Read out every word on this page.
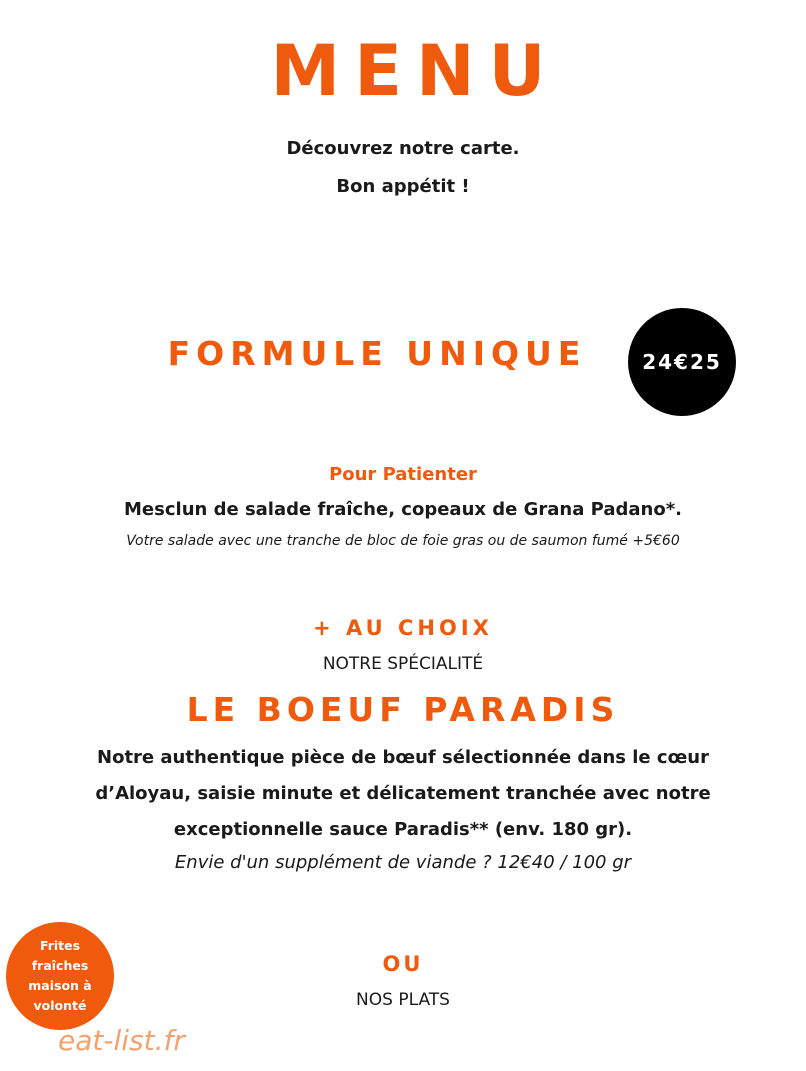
MENU
Découvrez notre carte.
Bon appétit !
FORMULE UNIQUE	24€25
Pour Patienter
Mesclun de salade fraîche, copeaux de Grana Padano*.
Votre salade avec une tranche de bloc de foie gras ou de saumon fumé +5€60
+ AU CHOIX
NOTRE SPÉCIALITÉ
LE BOEUF PARADIS
Notre authentique pièce de bœuf sélectionnée dans le cœur d’Aloyau, saisie minute et délicatement tranchée avec notre exceptionnelle sauce Paradis** (env. 180 gr).
Envie d'un supplément de viande ? 12€40 / 100 gr
Frites
fraîches
maison à
volonté
OU
NOS PLATS
eat-list.fr
